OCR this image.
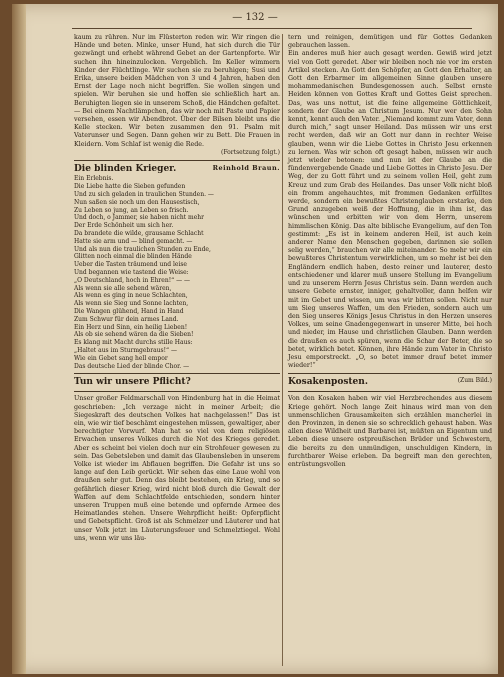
— 132 —

kaum zu rühren. Nur im Flüsterton reden wir. Wir ringen die Hände und beten. Minke, unser Hund, hat sich durch die Tür gezwängt und erhebt während Gebet an der Gartenpforte. Wir suchen ihn hineinzulocken. Vergeblich. Im Keller wimmern Kinder der Flüchtlinge. Wir suchen sie zu beruhigen; Susi und Erika, unsere beiden Mädchen von 3 und 4 Jahren, haben den Ernst der Lage noch nicht begriffen. Sie wollen singen und spielen. Wir beruhen sie und hoffen sie schließlich hart an. Beruhigten liegen sie in unserem Schoß, die Händchen gefaltet. — Bei einem Nachtlämpchen, das wir noch mit Paste und Papier versehen, essen wir Abendbrot. Über der Bilsen bleibt uns die Kelle stecken. Wir beten zusammen den 91. Psalm mit Vaterunser und Segen. Dann gehen wir zu Bett. Die Frauen in Kleidern. Vom Schlaf ist wenig die Rede.

(Fortsetzung folgt.)
Die blinden Krieger.	Reinhold Braun.
Ein Erlebnis.
Die Liebe hatte die Sieben gefunden
Und zu sich geladen in traulichen Stunden. —
Nun saßen sie noch um den Hausestisch,
Zu Leben so jung, an Leben so frisch.
Und doch, o Jammer, sie haben nicht mehr
Der Erde Schönheit um sich her.
Da brandete die wilde, grausame Schlacht
Hatte sie arm und — blind gemacht. —
Und als nun die traulichen Stunden zu Ende,
Glitten noch einmal die blinden Hände
Ueber die Tasten träumend und leise
Und begannen wie tastend die Weise:
„O Deutschland, hoch in Ehren!“ — —
Als wenn sie alle sehend wären,
Als wenn es ging in neue Schlachten,
Als wenn sie Sieg und Sonne lachten,
Die Wangen glühend, Hand in Hand
Zum Schwur für dein armes Land.
Ein Herz und Sinn, ein heilig Lieben!
Als ob sie sehend wären da die Sieben!
Es klang mit Macht durchs stille Haus:
„Haltet aus im Sturmgebraus!“ —
Wie ein Gebet sang hell empor
Das deutsche Lied der blinde Chor. —
Tun wir unsere Pflicht?

Unser großer Feldmarschall von Hindenburg hat in die Heimat geschrieben: „Ich verzage nicht in meiner Arbeit; die Siegeskraft des deutschen Volkes hat nachgelassen!“ Das ist ein, wie wir tief beschämt eingestehen müssen, gewaltiger, aber berechtigter Vorwurf. Man hat so viel von dem religiösen Erwachen unseres Volkes durch die Not des Krieges geredet. Aber es scheint bei vielen doch nur ein Strohfeuer gewesen zu sein. Das Gebetsleben und damit das Glaubensleben in unserem Volke ist wieder im Abflauen begriffen. Die Gefahr ist uns so lange auf den Leib gerückt. Wir sehen das eine Laue wohl von draußen sehr gut. Denn das bleibt bestehen, ein Krieg, und so gefährlich dieser Krieg, wird nicht bloß durch die Gewalt der Waffen auf dem Schlachtfelde entschieden, sondern hinter unseren Truppen muß eine betende und opfernde Armee des Heimatlandes stehen. Unsere Wehrpflicht heißt: Opferpflicht und Gebetspflicht. Groß ist als Schmelzer und Läuterer und hat unser Volk jetzt im Läuterungsfeuer und Schmelztiegel. Wohl uns, wenn wir uns läu-

tern und reinigen, demütigen und für Gottes Gedanken gebrauchen lassen.

Ein anderes muß hier auch gesagt werden. Gewiß wird jetzt viel von Gott geredet. Aber wir bleiben noch nie vor im ersten Artikel stecken. An Gott den Schöpfer, an Gott den Erhalter, an Gott den Erbarmer im allgemeinen Sinne glauben unsere mohammedanischen Bundesgenossen auch. Selbst ernste Heiden können von Gottes Kraft und Gottes Geist sprechen. Das, was uns nottut, ist die feine allgemeine Göttlichkeit, sondern der Glaube an Christum Jesum. Nur wer den Sohn kennt, kennt auch den Vater. „Niemand kommt zum Vater, denn durch mich,“ sagt unser Heiland. Das müssen wir uns erst recht werden, daß wir an Gott nur dann in rechter Weise glauben, wenn wir die Liebe Gottes in Christo Jesu erkennen zu lernen. Was wir schon oft gesagt haben, müssen wir auch jetzt wieder betonen: und nun ist der Glaube an die fündenvergebende Gnade und Liebe Gottes in Christo Jesu. Der Weg, der zu Gott führt und zu seinem vollen Heil, geht zum Kreuz und zum Grab des Heilandes. Das unser Volk nicht bloß ein fromm angehauchtes, mit frommen Gedanken erfülltes werde, sondern ein bewußtes Christenglauben erstarke, den Grund anzugeben weiß der Hoffnung, die in ihm ist, das wünschen und erbitten wir von dem Herrn, unserem himmlischen König. Das alte biblische Evangelium, auf den Ton gestimmt: „Es ist in keinem anderen Heil, ist auch kein anderer Name den Menschen gegeben, darinnen sie sollen selig werden,“ brauchen wir alle miteinander. So mehr wir ein bewußteres Christentum verwirklichen, um so mehr ist bei den Engländern endlich haben, desto reiner und lauterer, desto entschiedener und klarer muß unsere Stellung im Evangelium und zu unserem Herrn Jesus Christus sein. Dann werden auch unsere Gebete ernster, inniger, gehaltvoller, dann helfen wir mit im Gebet und wissen, um was wir bitten sollen. Nicht nur um Sieg unseres Waffen, um den Frieden, sondern auch um den Sieg unseres Königs Jesus Christus in den Herzen unseres Volkes, um seine Gnadengegenwart in unserer Mitte, bei hoch und nieder, im Hause und christlichen Glauben. Dann werden die draußen es auch spüren, wenn die Schar der Beter, die so betet, wirklich betet. Können, ihre Hände zum Vater in Christo Jesu emporstreckt. „O, so betet immer drauf betet immer wieder!“

Kosakenposten.	(Zum Bild.)

Von den Kosaken haben wir viel Herzbrechendes aus diesem Kriege gehört. Noch lange Zeit hinaus wird man von den unmenschlichen Grausamkeiten sich erzählen mancherlei in den Provinzen, in denen sie so schrecklich gehaust haben. Was allen diese Wildheit und Barbarei ist, müßten an Eigentum und Leben diese unsere ostpreußischen Brüder und Schwestern, die bereits zu den unmündigen, unschuldigen Kindern, in furchtbarer Weise erleben. Da begreift man den gerechten, entrüstungsvollen
